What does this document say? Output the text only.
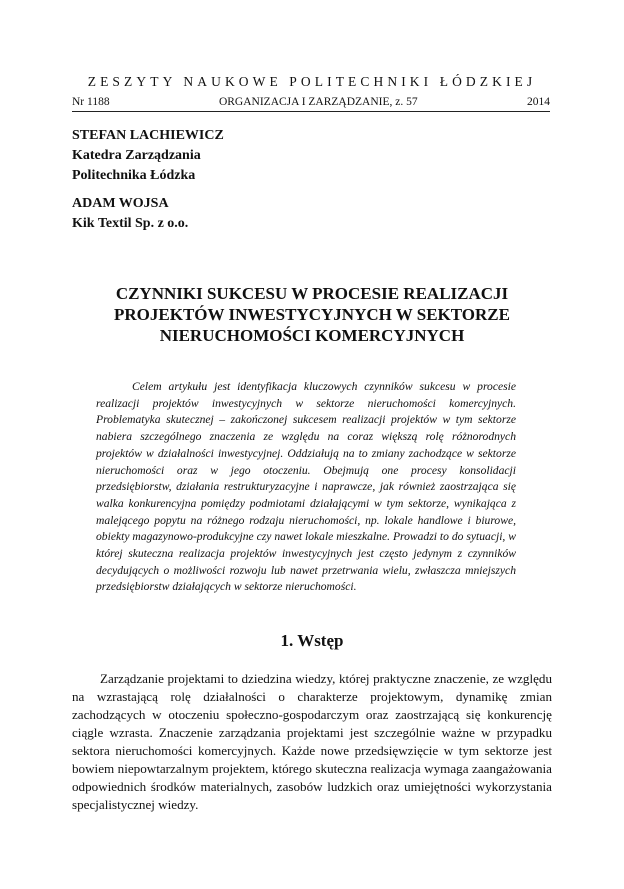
ZESZYTY NAUKOWE POLITECHNIKI ŁÓDZKIEJ
Nr 1188	ORGANIZACJA I ZARZĄDZANIE, z. 57	2014
STEFAN LACHIEWICZ
Katedra Zarządzania
Politechnika Łódzka
ADAM WOJSA
Kik Textil Sp. z o.o.
CZYNNIKI SUKCESU W PROCESIE REALIZACJI
PROJEKTÓW INWESTYCYJNYCH W SEKTORZE
NIERUCHOMOŚCI KOMERCYJNYCH

Celem artykułu jest identyfikacja kluczowych czynników sukcesu w procesie realizacji projektów inwestycyjnych w sektorze nieruchomości komercyjnych. Problematyka skutecznej – zakończonej sukcesem realizacji projektów w tym sektorze nabiera szczególnego znaczenia ze względu na coraz większą rolę różnorodnych projektów w działalności inwestycyjnej. Oddziałują na to zmiany zachodzące w sektorze nieruchomości oraz w jego otoczeniu. Obejmują one procesy konsolidacji przedsiębiorstw, działania restrukturyzacyjne i naprawcze, jak również zaostrzająca się walka konkurencyjna pomiędzy podmiotami działającymi w tym sektorze, wynikająca z malejącego popytu na różnego rodzaju nieruchomości, np. lokale handlowe i biurowe, obiekty magazynowo-produkcyjne czy nawet lokale mieszkalne. Prowadzi to do sytuacji, w której skuteczna realizacja projektów inwestycyjnych jest często jedynym z czynników decydujących o możliwości rozwoju lub nawet przetrwania wielu, zwłaszcza mniejszych przedsiębiorstw działających w sektorze nieruchomości.

1. Wstęp

Zarządzanie projektami to dziedzina wiedzy, której praktyczne znaczenie, ze względu na wzrastającą rolę działalności o charakterze projektowym, dynamikę zmian zachodzących w otoczeniu społeczno-gospodarczym oraz zaostrzającą się konkurencję ciągle wzrasta. Znaczenie zarządzania projektami jest szczególnie ważne w przypadku sektora nieruchomości komercyjnych. Każde nowe przedsięwzięcie w tym sektorze jest bowiem niepowtarzalnym projektem, którego skuteczna realizacja wymaga zaangażowania odpowiednich środków materialnych, zasobów ludzkich oraz umiejętności wykorzystania specjalistycznej wiedzy.
